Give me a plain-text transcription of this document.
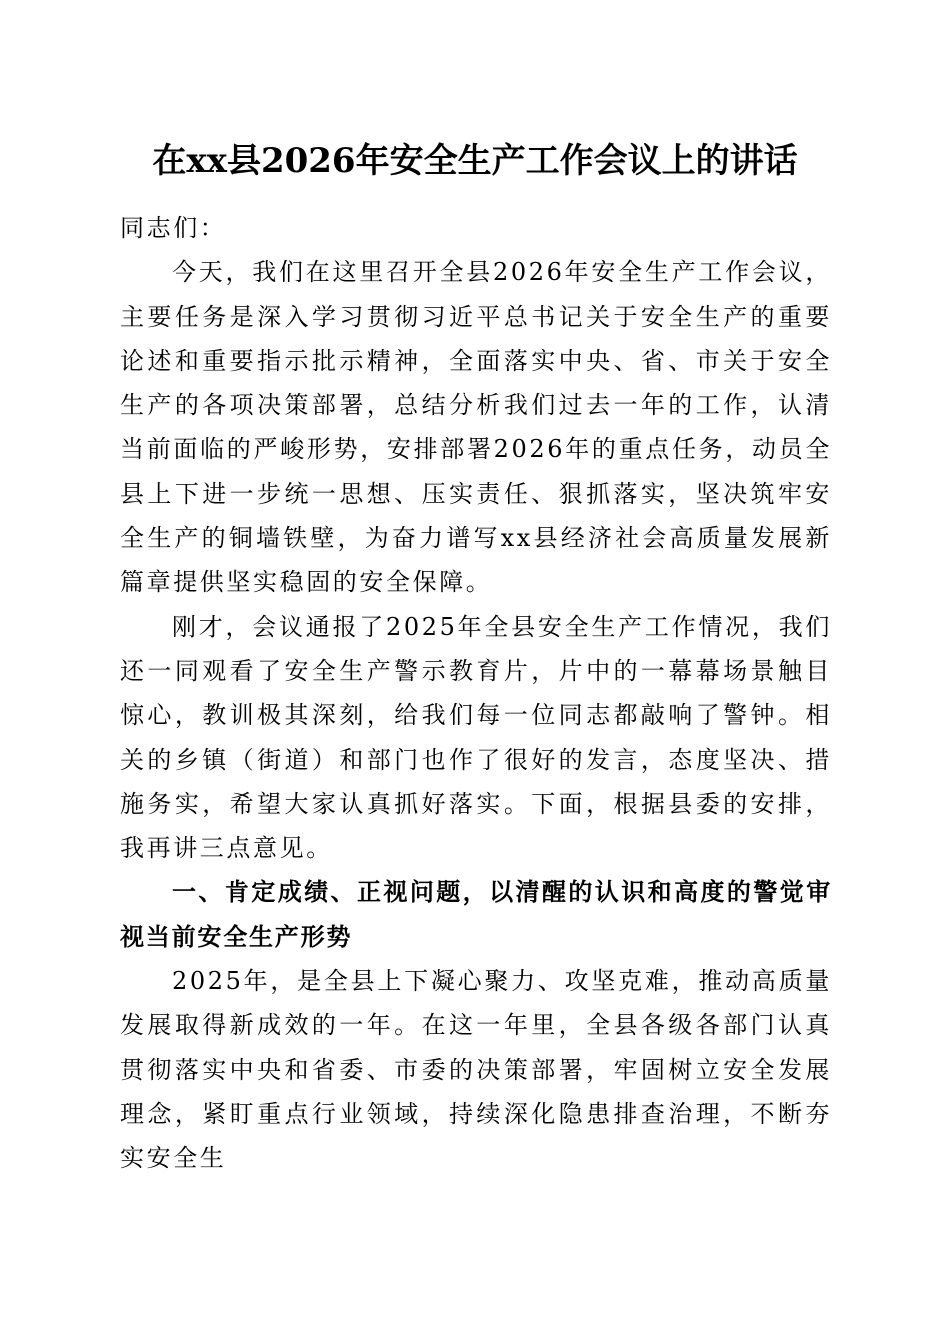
在xx县2026年安全生产工作会议上的讲话

同志们：

今天，我们在这里召开全县2026年安全生产工作会议，主要任务是深入学习贯彻习近平总书记关于安全生产的重要论述和重要指示批示精神，全面落实中央、省、市关于安全生产的各项决策部署，总结分析我们过去一年的工作，认清当前面临的严峻形势，安排部署2026年的重点任务，动员全县上下进一步统一思想、压实责任、狠抓落实，坚决筑牢安全生产的铜墙铁壁，为奋力谱写xx县经济社会高质量发展新篇章提供坚实稳固的安全保障。

刚才，会议通报了2025年全县安全生产工作情况，我们还一同观看了安全生产警示教育片，片中的一幕幕场景触目惊心，教训极其深刻，给我们每一位同志都敲响了警钟。相关的乡镇（街道）和部门也作了很好的发言，态度坚决、措施务实，希望大家认真抓好落实。下面，根据县委的安排，我再讲三点意见。

一、肯定成绩、正视问题，以清醒的认识和高度的警觉审视当前安全生产形势

2025年，是全县上下凝心聚力、攻坚克难，推动高质量发展取得新成效的一年。在这一年里，全县各级各部门认真贯彻落实中央和省委、市委的决策部署，牢固树立安全发展理念，紧盯重点行业领域，持续深化隐患排查治理，不断夯实安全生
